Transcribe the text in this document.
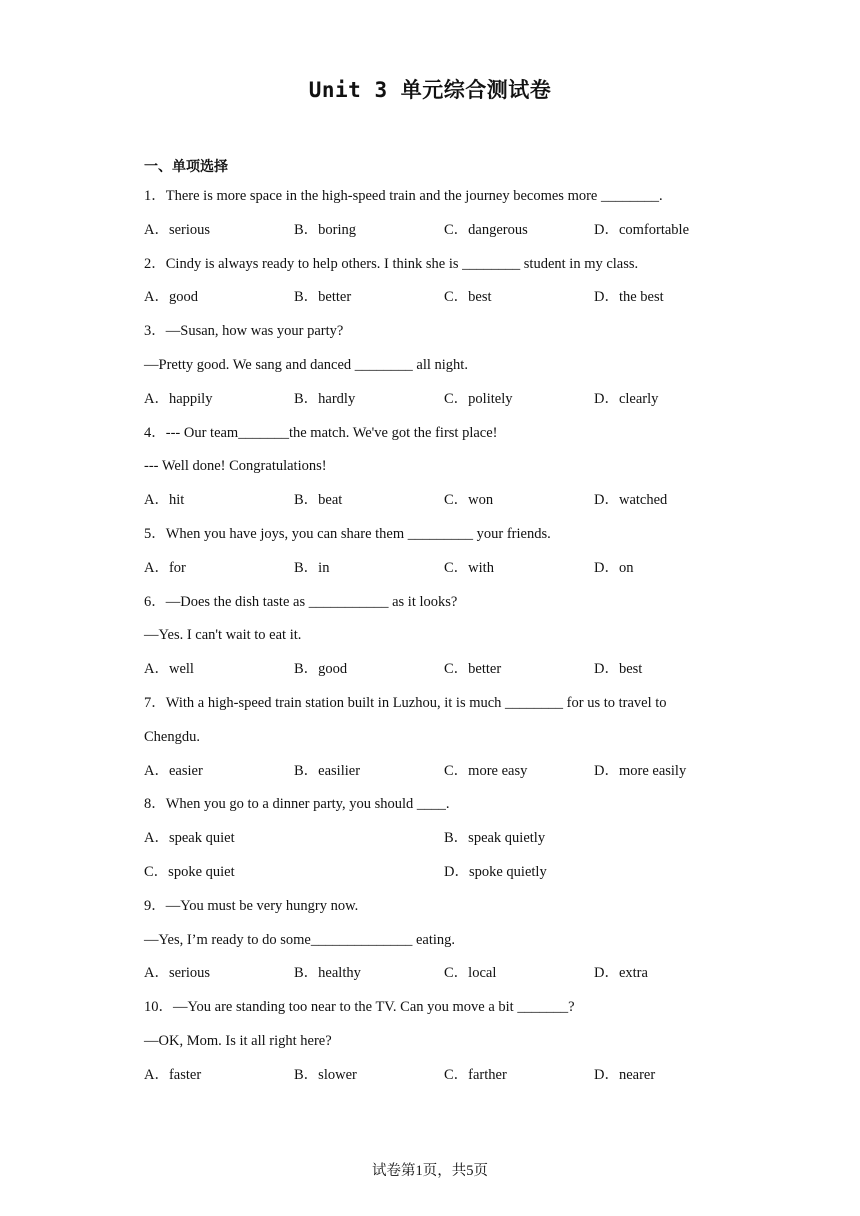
Unit 3 单元综合测试卷
一、单项选择
1．There is more space in the high-speed train and the journey becomes more ________.
A．serious	B．boring	C．dangerous	D．comfortable
2．Cindy is always ready to help others. I think she is ________ student in my class.
A．good	B．better	C．best	D．the best
3．—Susan, how was your party?
—Pretty good. We sang and danced ________ all night.
A．happily	B．hardly	C．politely	D．clearly
4．--- Our team_______the match. We've got the first place!
--- Well done! Congratulations!
A．hit	B．beat	C．won	D．watched
5．When you have joys, you can share them _________ your friends.
A．for	B．in	C．with	D．on
6．—Does the dish taste as ___________ as it looks?
—Yes. I can't wait to eat it.
A．well	B．good	C．better	D．best
7．With a high-speed train station built in Luzhou, it is much ________ for us to travel to
Chengdu.
A．easier	B．easilier	C．more easy	D．more easily
8．When you go to a dinner party, you should ____.
A．speak quiet	B．speak quietly
C．spoke quiet	D．spoke quietly
9．—You must be very hungry now.
—Yes, I’m ready to do some______________ eating.
A．serious	B．healthy	C．local	D．extra
10．—You are standing too near to the TV. Can you move a bit _______?
—OK, Mom. Is it all right here?
A．faster	B．slower	C．farther	D．nearer
试卷第1页，共5页
